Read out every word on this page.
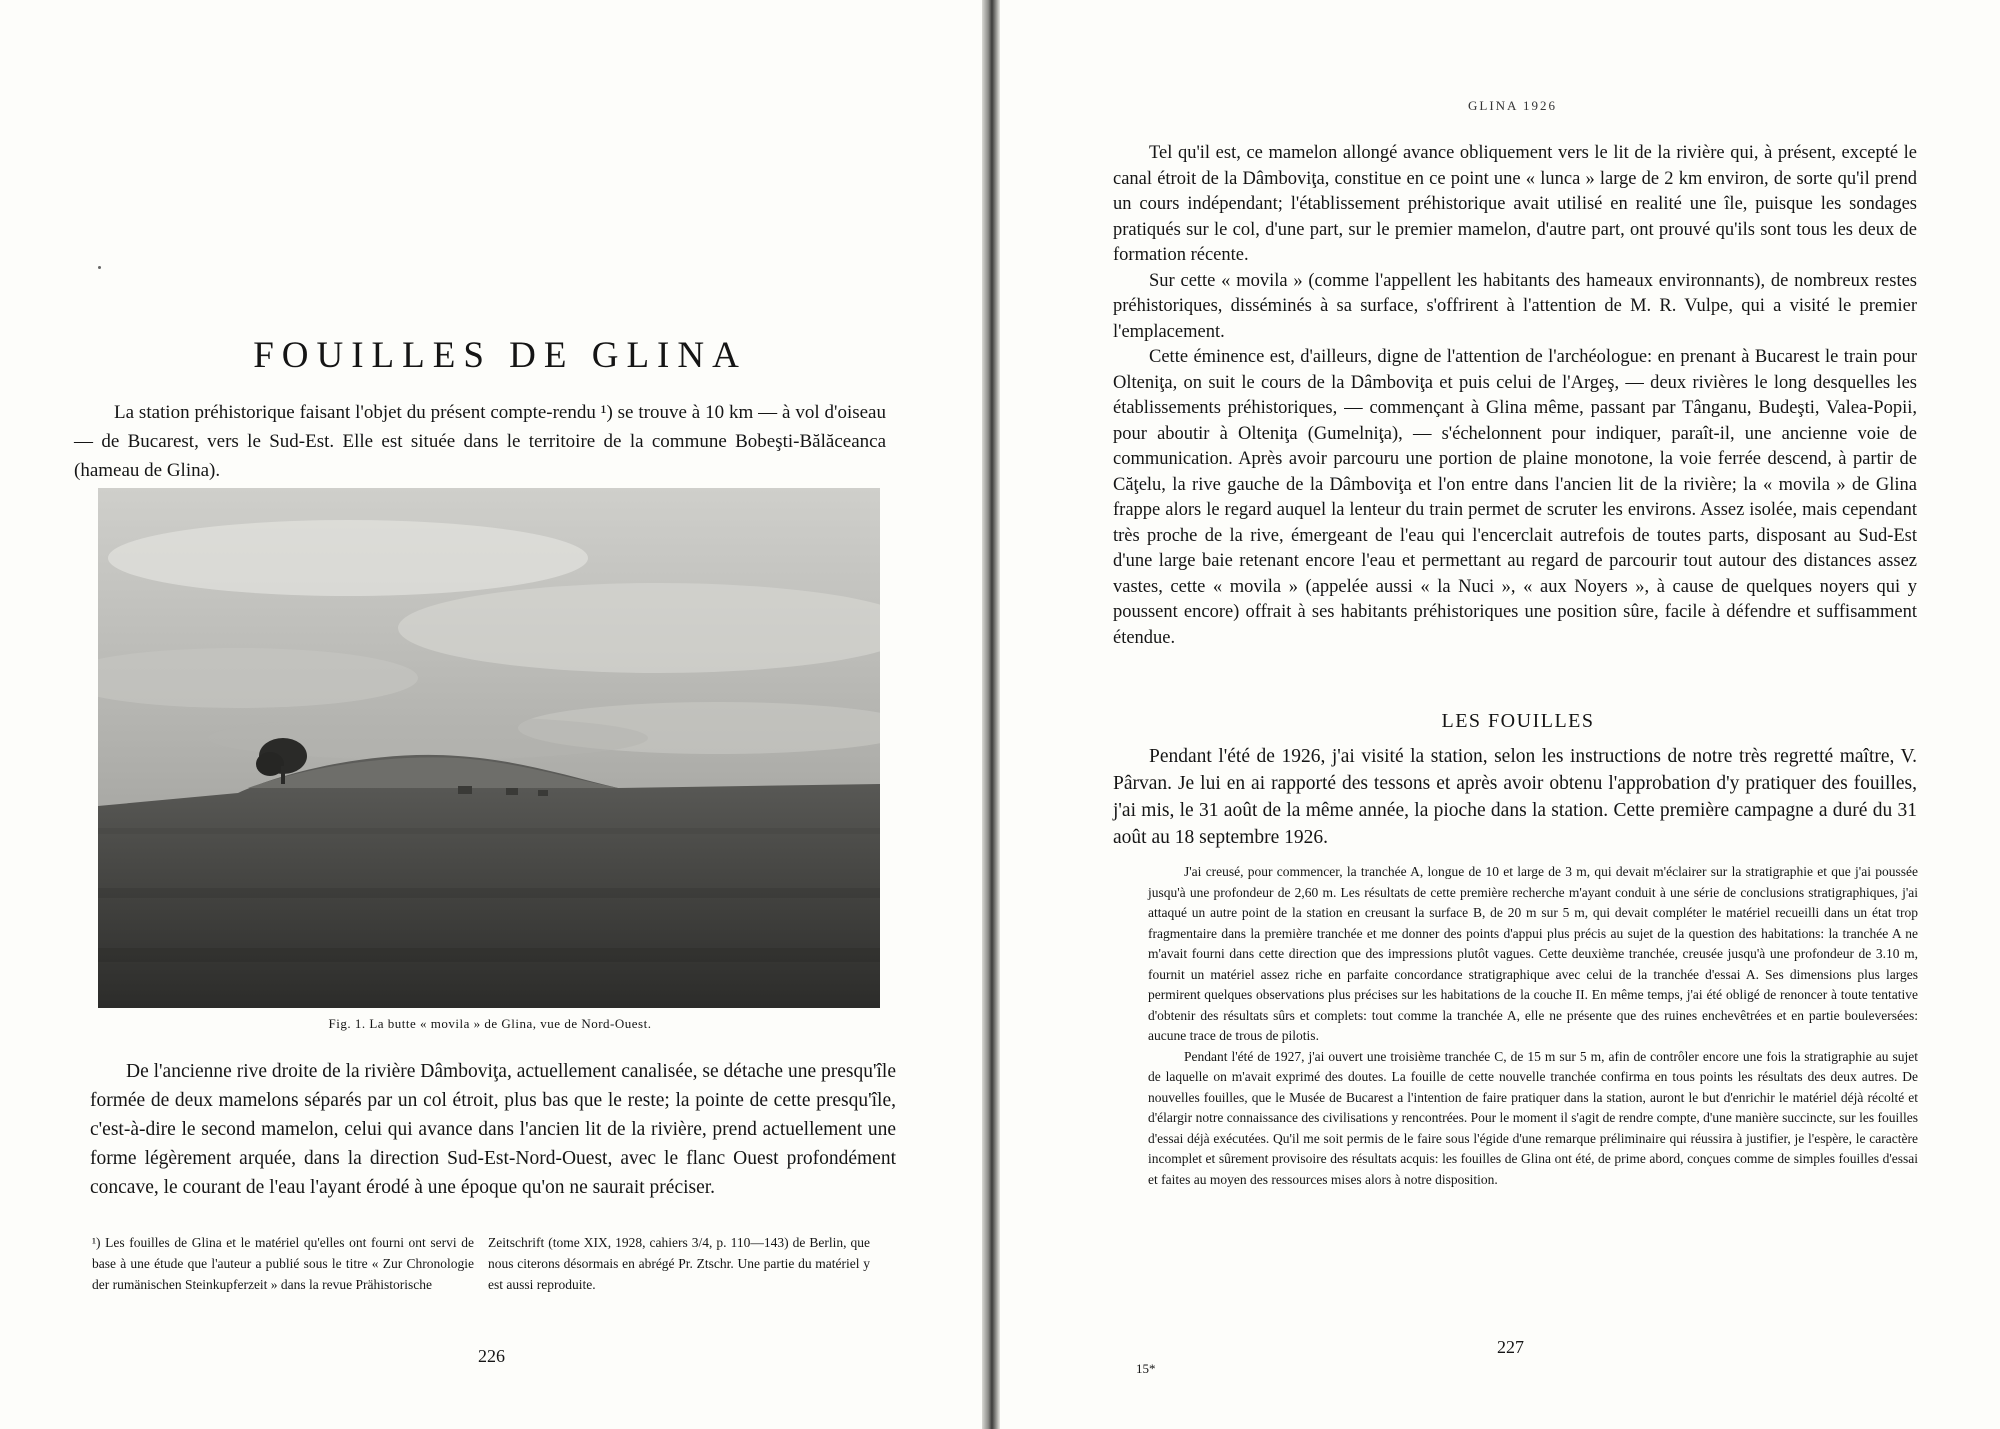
FOUILLES DE GLINA

La station préhistorique faisant l'objet du présent compte-rendu ¹) se trouve à 10 km — à vol d'oiseau — de Bucarest, vers le Sud-Est. Elle est située dans le territoire de la commune Bobeşti-Bălăceanca (hameau de Glina).

Fig. 1. La butte « movila » de Glina, vue de Nord-Ouest.

De l'ancienne rive droite de la rivière Dâmboviţa, actuellement canalisée, se détache une presqu'île formée de deux mamelons séparés par un col étroit, plus bas que le reste; la pointe de cette presqu'île, c'est-à-dire le second mamelon, celui qui avance dans l'ancien lit de la rivière, prend actuellement une forme légèrement arquée, dans la direction Sud-Est-Nord-Ouest, avec le flanc Ouest profondément concave, le courant de l'eau l'ayant érodé à une époque qu'on ne saurait préciser.

¹) Les fouilles de Glina et le matériel qu'elles ont fourni ont servi de base à une étude que l'auteur a publié sous le titre « Zur Chronologie der rumänischen Steinkupferzeit » dans la revue Prähistorische

Zeitschrift (tome XIX, 1928, cahiers 3/4, p. 110—143) de Berlin, que nous citerons désormais en abrégé Pr. Ztschr. Une partie du matériel y est aussi reproduite.

226

GLINA 1926

Tel qu'il est, ce mamelon allongé avance obliquement vers le lit de la rivière qui, à présent, excepté le canal étroit de la Dâmboviţa, constitue en ce point une « lunca » large de 2 km environ, de sorte qu'il prend un cours indépendant; l'établissement préhistorique avait utilisé en realité une île, puisque les sondages pratiqués sur le col, d'une part, sur le premier mamelon, d'autre part, ont prouvé qu'ils sont tous les deux de formation récente.

Sur cette « movila » (comme l'appellent les habitants des hameaux environnants), de nombreux restes préhistoriques, disséminés à sa surface, s'offrirent à l'attention de M. R. Vulpe, qui a visité le premier l'emplacement.

Cette éminence est, d'ailleurs, digne de l'attention de l'archéologue: en prenant à Bucarest le train pour Olteniţa, on suit le cours de la Dâmboviţa et puis celui de l'Argeş, — deux rivières le long desquelles les établissements préhistoriques, — commençant à Glina même, passant par Tânganu, Budeşti, Valea-Popii, pour aboutir à Olteniţa (Gumelniţa), — s'échelonnent pour indiquer, paraît-il, une ancienne voie de communication. Après avoir parcouru une portion de plaine monotone, la voie ferrée descend, à partir de Căţelu, la rive gauche de la Dâmboviţa et l'on entre dans l'ancien lit de la rivière; la « movila » de Glina frappe alors le regard auquel la lenteur du train permet de scruter les environs. Assez isolée, mais cependant très proche de la rive, émergeant de l'eau qui l'encerclait autrefois de toutes parts, disposant au Sud-Est d'une large baie retenant encore l'eau et permettant au regard de parcourir tout autour des distances assez vastes, cette « movila » (appelée aussi « la Nuci », « aux Noyers », à cause de quelques noyers qui y poussent encore) offrait à ses habitants préhistoriques une position sûre, facile à défendre et suffisamment étendue.

LES FOUILLES

Pendant l'été de 1926, j'ai visité la station, selon les instructions de notre très regretté maître, V. Pârvan. Je lui en ai rapporté des tessons et après avoir obtenu l'approbation d'y pratiquer des fouilles, j'ai mis, le 31 août de la même année, la pioche dans la station. Cette première campagne a duré du 31 août au 18 septembre 1926.

J'ai creusé, pour commencer, la tranchée A, longue de 10 et large de 3 m, qui devait m'éclairer sur la stratigraphie et que j'ai poussée jusqu'à une profondeur de 2,60 m. Les résultats de cette première recherche m'ayant conduit à une série de conclusions stratigraphiques, j'ai attaqué un autre point de la station en creusant la surface B, de 20 m sur 5 m, qui devait compléter le matériel recueilli dans un état trop fragmentaire dans la première tranchée et me donner des points d'appui plus précis au sujet de la question des habitations: la tranchée A ne m'avait fourni dans cette direction que des impressions plutôt vagues. Cette deuxième tranchée, creusée jusqu'à une profondeur de 3.10 m, fournit un matériel assez riche en parfaite concordance stratigraphique avec celui de la tranchée d'essai A. Ses dimensions plus larges permirent quelques observations plus précises sur les habitations de la couche II. En même temps, j'ai été obligé de renoncer à toute tentative d'obtenir des résultats sûrs et complets: tout comme la tranchée A, elle ne présente que des ruines enchevêtrées et en partie bouleversées: aucune trace de trous de pilotis.

Pendant l'été de 1927, j'ai ouvert une troisième tranchée C, de 15 m sur 5 m, afin de contrôler encore une fois la stratigraphie au sujet de laquelle on m'avait exprimé des doutes. La fouille de cette nouvelle tranchée confirma en tous points les résultats des deux autres. De nouvelles fouilles, que le Musée de Bucarest a l'intention de faire pratiquer dans la station, auront le but d'enrichir le matériel déjà récolté et d'élargir notre connaissance des civilisations y rencontrées. Pour le moment il s'agit de rendre compte, d'une manière succincte, sur les fouilles d'essai déjà exécutées. Qu'il me soit permis de le faire sous l'égide d'une remarque préliminaire qui réussira à justifier, je l'espère, le caractère incomplet et sûrement provisoire des résultats acquis: les fouilles de Glina ont été, de prime abord, conçues comme de simples fouilles d'essai et faites au moyen des ressources mises alors à notre disposition.

227

15*
